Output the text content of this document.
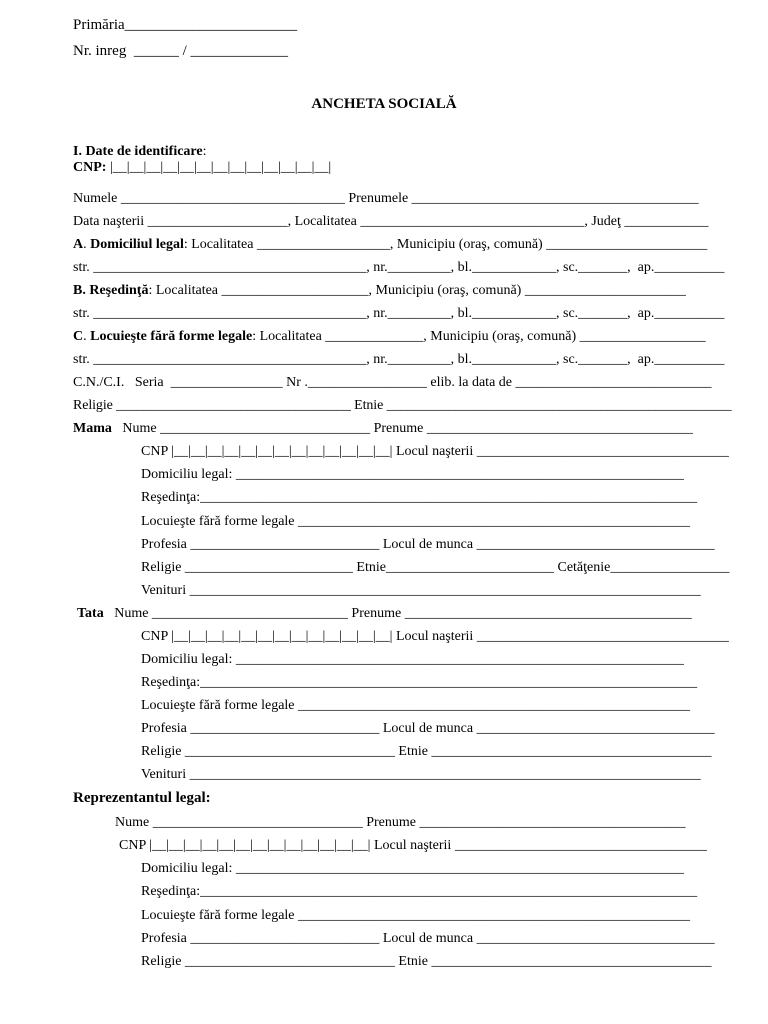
Primăria_______________________
Nr. inreg  ______ / _____________
ANCHETA SOCIALĂ
I. Date de identificare:
CNP: |__|__|__|__|__|__|__|__|__|__|__|__|__|
Numele ________________________________ Prenumele _________________________________________
Data naşterii ____________________, Localitatea ________________________________, Judeţ ____________
A. Domiciliul legal: Localitatea ___________________, Municipiu (oraş, comună) _______________________
str. _______________________________________, nr._________, bl.____________, sc._______,  ap.__________
B. Reşedinţă: Localitatea _____________________, Municipiu (oraş, comună) _______________________
str. _______________________________________, nr._________, bl.____________, sc._______,  ap.__________
C. Locuieşte fără forme legale: Localitatea ______________, Municipiu (oraş, comună) __________________
str. _______________________________________, nr._________, bl.____________, sc._______,  ap.__________
C.N./C.I.   Seria  ________________ Nr ._________________ elib. la data de ____________________________
Religie __________________________________ Etnie __________________________________________________
Mama   Nume ______________________________ Prenume ______________________________________
CNP |__|__|__|__|__|__|__|__|__|__|__|__|__| Locul naşterii ____________________________________
Domiciliu legal: ________________________________________________________________
Reşedinţa:_______________________________________________________________________
Locuieşte fără forme legale ________________________________________________________
Profesia ___________________________ Locul de munca __________________________________
Religie ________________________ Etnie________________________ Cetăţenie_________________
Venituri _________________________________________________________________________
Tata   Nume ____________________________ Prenume _________________________________________
CNP |__|__|__|__|__|__|__|__|__|__|__|__|__| Locul naşterii ____________________________________
Domiciliu legal: ________________________________________________________________
Reşedinţa:_______________________________________________________________________
Locuieşte fără forme legale ________________________________________________________
Profesia ___________________________ Locul de munca __________________________________
Religie ______________________________ Etnie ________________________________________
Venituri _________________________________________________________________________
Reprezentantul legal:
Nume ______________________________ Prenume ______________________________________
CNP |__|__|__|__|__|__|__|__|__|__|__|__|__| Locul naşterii ____________________________________
Domiciliu legal: ________________________________________________________________
Reşedinţa:_______________________________________________________________________
Locuieşte fără forme legale ________________________________________________________
Profesia ___________________________ Locul de munca __________________________________
Religie ______________________________ Etnie ________________________________________
